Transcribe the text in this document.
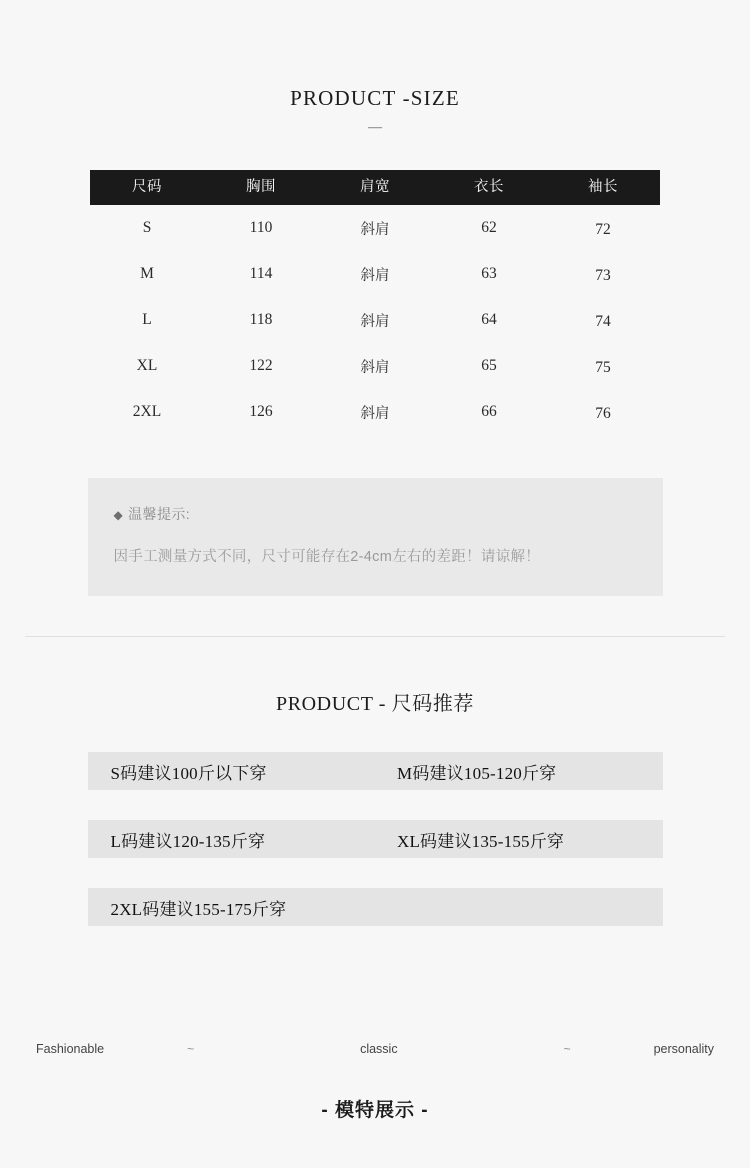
PRODUCT -SIZE
—
尺码	胸围	肩宽	衣长	袖长
S	110	斜肩	62	72
M	114	斜肩	63	73
L	118	斜肩	64	74
XL	122	斜肩	65	75
2XL	126	斜肩	66	76
◆ 温馨提示:
因手工测量方式不同，尺寸可能存在2-4cm左右的差距！请谅解！
PRODUCT - 尺码推荐
S码建议100斤以下穿	M码建议105-120斤穿
L码建议120-135斤穿	XL码建议135-155斤穿
2XL码建议155-175斤穿
Fashionable	~	classic	~	personality
- 模特展示 -
